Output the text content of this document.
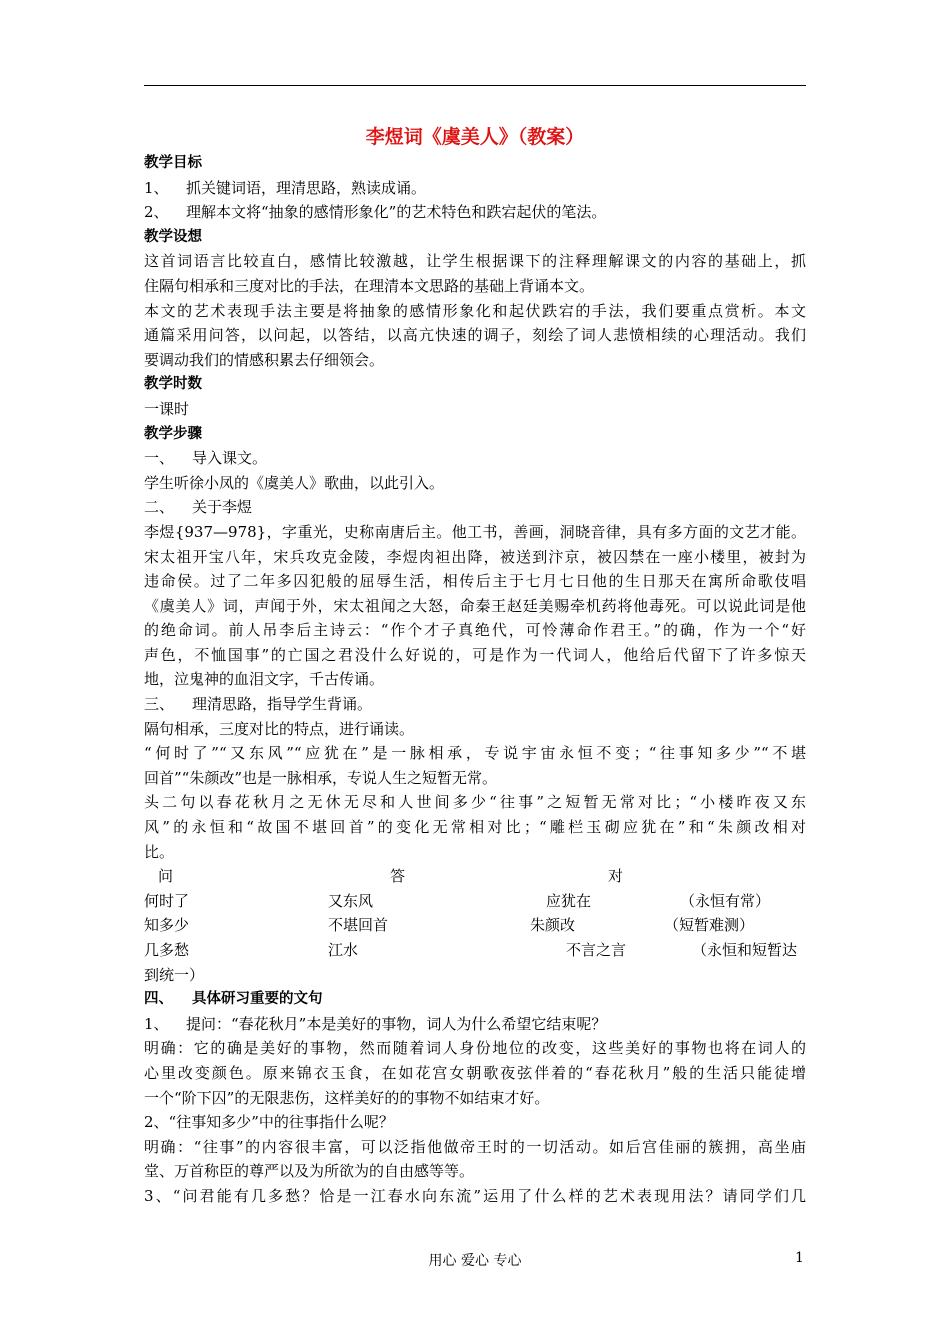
李煜词《虞美人》（教案）
教学目标
1、 抓关键词语，理清思路，熟读成诵。
2、 理解本文将“抽象的感情形象化”的艺术特色和跌宕起伏的笔法。
教学设想
这首词语言比较直白，感情比较激越，让学生根据课下的注释理解课文的内容的基础上，抓
住隔句相承和三度对比的手法，在理清本文思路的基础上背诵本文。
本文的艺术表现手法主要是将抽象的感情形象化和起伏跌宕的手法，我们要重点赏析。本文
通篇采用问答，以问起，以答结，以高亢快速的调子，刻绘了词人悲愤相续的心理活动。我们
要调动我们的情感积累去仔细领会。
教学时数
一课时
教学步骤
一、 导入课文。
学生听徐小凤的《虞美人》歌曲，以此引入。
二、 关于李煜
李煜{937—978}，字重光，史称南唐后主。他工书，善画，洞晓音律，具有多方面的文艺才能。
宋太祖开宝八年，宋兵攻克金陵，李煜肉袒出降，被送到汴京，被囚禁在一座小楼里，被封为
违命侯。过了二年多囚犯般的屈辱生活，相传后主于七月七日他的生日那天在寓所命歌伎唱
《虞美人》词，声闻于外，宋太祖闻之大怒，命秦王赵廷美赐牵机药将他毒死。可以说此词是他
的绝命词。前人吊李后主诗云：“作个才子真绝代，可怜薄命作君王。”的确，作为一个“好
声色，不恤国事”的亡国之君没什么好说的，可是作为一代词人，他给后代留下了许多惊天
地，泣鬼神的血泪文字，千古传诵。
三、 理清思路，指导学生背诵。
隔句相承，三度对比的特点，进行诵读。
“何时了”“又东风”“应犹在”是一脉相承，专说宇宙永恒不变；“往事知多少”“不堪
回首”“朱颜改”也是一脉相承，专说人生之短暂无常。
头二句以春花秋月之无休无尽和人世间多少“往事”之短暂无常对比；“小楼昨夜又东
风”的永恒和“故国不堪回首”的变化无常相对比；“雕栏玉砌应犹在”和“朱颜改相对
比。
问	答	对
何时了	又东风	应犹在	（永恒有常）
知多少	不堪回首	朱颜改	（短暂难测）
几多愁	江水	不言之言	（永恒和短暂达
到统一）
四、 具体研习重要的文句
1、 提问：“春花秋月”本是美好的事物，词人为什么希望它结束呢？
明确：它的确是美好的事物，然而随着词人身份地位的改变，这些美好的事物也将在词人的
心里改变颜色。原来锦衣玉食，在如花宫女朝歌夜弦伴着的“春花秋月”般的生活只能徒增
一个“阶下囚”的无限悲伤，这样美好的的事物不如结束才好。
2、“往事知多少”中的往事指什么呢？
明确：“往事”的内容很丰富，可以泛指他做帝王时的一切活动。如后宫佳丽的簇拥，高坐庙
堂、万首称臣的尊严以及为所欲为的自由感等等。
3、“问君能有几多愁？恰是一江春水向东流”运用了什么样的艺术表现用法？请同学们几
用心 爱心 专心	1
